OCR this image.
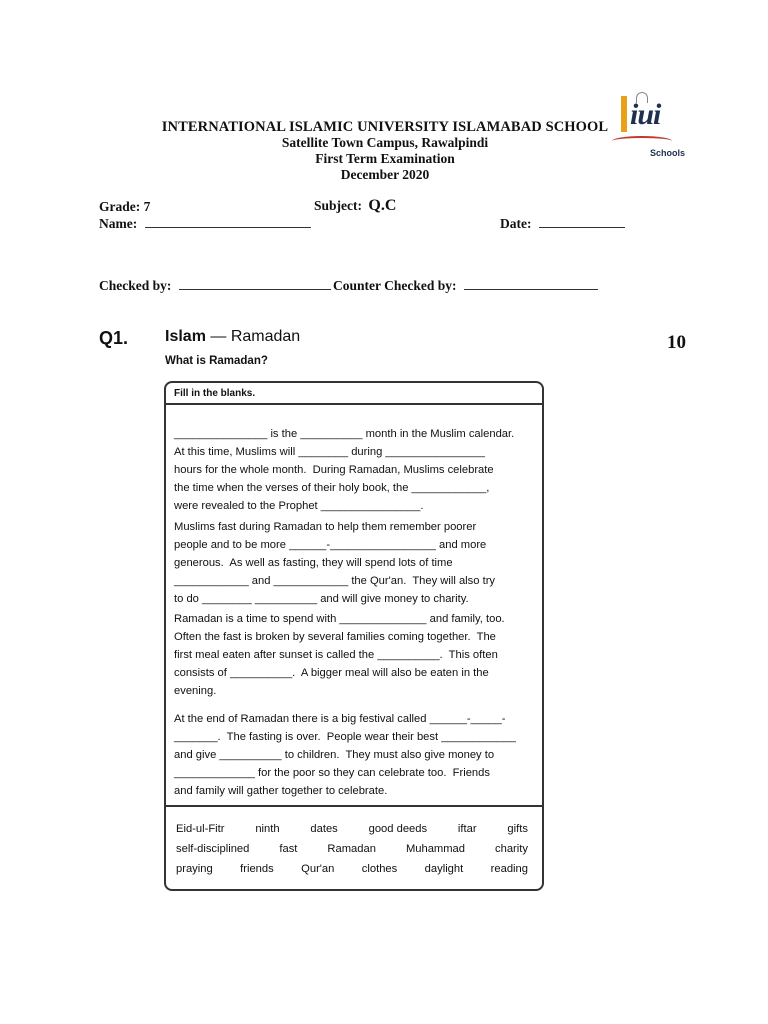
INTERNATIONAL ISLAMIC UNIVERSITY ISLAMABAD SCHOOL
Satellite Town Campus, Rawalpindi
First Term Examination
December 2020
iui
Schools
Grade: 7	Subject: Q.C
Name:	Date:
Checked by:	Counter Checked by:
Q1. Islam — Ramadan	10
What is Ramadan?
Fill in the blanks.
_______________ is the __________ month in the Muslim calendar.
At this time, Muslims will ________ during ________________
hours for the whole month.  During Ramadan, Muslims celebrate
the time when the verses of their holy book, the ____________,
were revealed to the Prophet ________________.
Muslims fast during Ramadan to help them remember poorer
people and to be more ______-_________________ and more
generous.  As well as fasting, they will spend lots of time
____________ and ____________ the Qur'an.  They will also try
to do ________ __________ and will give money to charity.
Ramadan is a time to spend with ______________ and family, too.
Often the fast is broken by several families coming together.  The
first meal eaten after sunset is called the __________.  This often
consists of __________.  A bigger meal will also be eaten in the
evening.
At the end of Ramadan there is a big festival called ______-_____-
_______.  The fasting is over.  People wear their best ____________
and give __________ to children.  They must also give money to
_____________ for the poor so they can celebrate too.  Friends
and family will gather together to celebrate.
Eid-ul-Fitr	ninth	dates	good deeds	iftar	gifts
self-disciplined	fast	Ramadan	Muhammad	charity
praying friends Qur'an clothes daylight reading
